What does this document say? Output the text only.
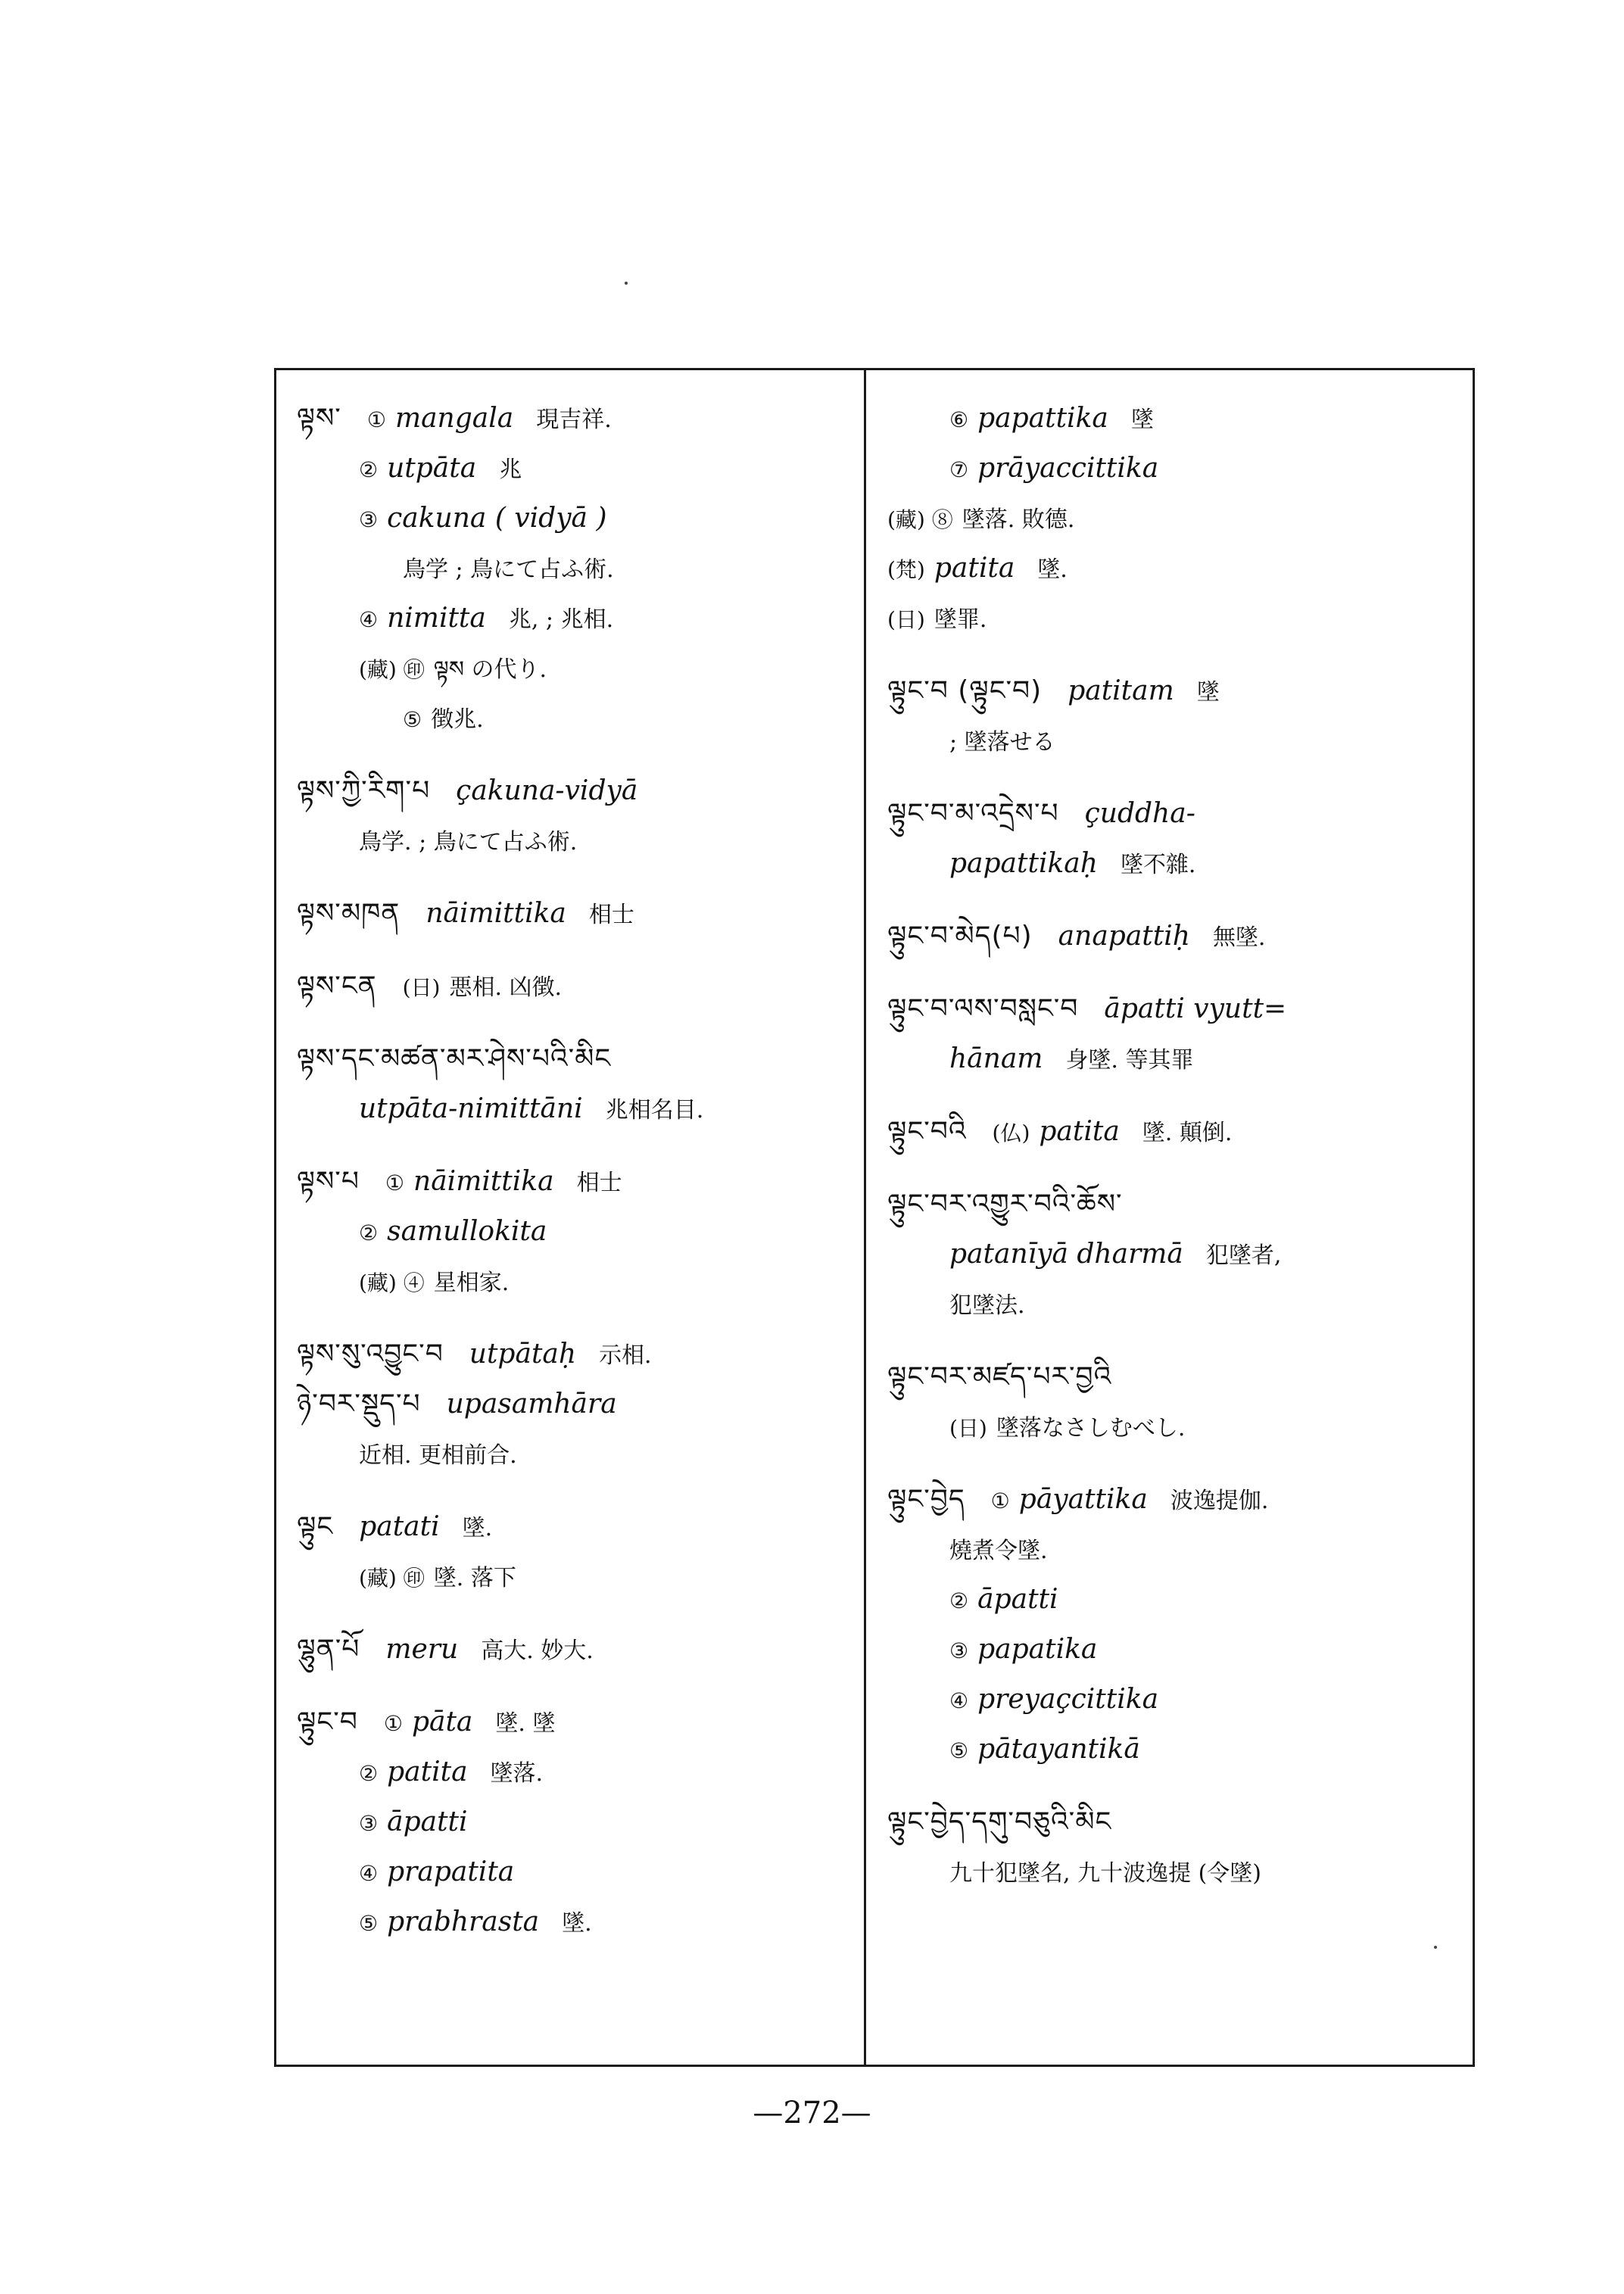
ལྟས་ ① mangala 現吉祥.
② utpāta 兆
③ cakuna ( vidyā )
鳥学 ; 鳥にて占ふ術.
④ nimitta 兆, ; 兆相.
(藏) ㊞ ལྟས の代り.
⑤ 徴兆.
ལྟས་ཀྱི་རིག་པ çakuna-vidyā
鳥学. ; 鳥にて占ふ術.
ལྟས་མཁན nāimittika 相士
ལྟས་ངན (日) 悪相. 凶徴.
ལྟས་དང་མཚན་མར་ཤེས་པའི་མིང
utpāta-nimittāni 兆相名目.
ལྟས་པ ① nāimittika 相士
② samullokita
(藏) ④ 星相家.
ལྟས་སུ་འབྱུང་བ utpātaḥ 示相.
ཉེ་བར་སྡུད་པ upasamhāra
近相. 更相前合.
ལྟུང patati 墜.
(藏) ㊞ 墜. 落下
ལྷུན་པོ meru 高大. 妙大.
ལྟུང་བ ① pāta 墜. 墜
② patita 墜落.
③ āpatti
④ prapatita
⑤ prabhrasta 墜.
⑥ papattika 墜
⑦ prāyaccittika
(藏) ⑧ 墜落. 敗德.
(梵) patita 墜.
(日) 墜罪.
ལྟུང་བ (ལྟུང་བ) patitam 墜
; 墜落せる
ལྟུང་བ་མ་འདྲེས་པ çuddha-
papattikaḥ 墜不雜.
ལྟུང་བ་མེད(པ) anapattiḥ 無墜.
ལྟུང་བ་ལས་བསླང་བ āpatti vyutt=
hānam 身墜. 等其罪
ལྟུང་བའི (仏) patita 墜. 顛倒.
ལྟུང་བར་འགྱུར་བའི་ཆོས་
patanīyā dharmā 犯墜者,
犯墜法.
ལྟུང་བར་མཛད་པར་བྱའི
(日) 墜落なさしむべし.
ལྟུང་བྱེད ① pāyattika 波逸提伽.
燒煮令墜.
② āpatti
③ papatika
④ preyaçcittika
⑤ pātayantikā
ལྟུང་བྱེད་དགུ་བཅུའི་མིང
九十犯墜名, 九十波逸提 (令墜)
—272—
